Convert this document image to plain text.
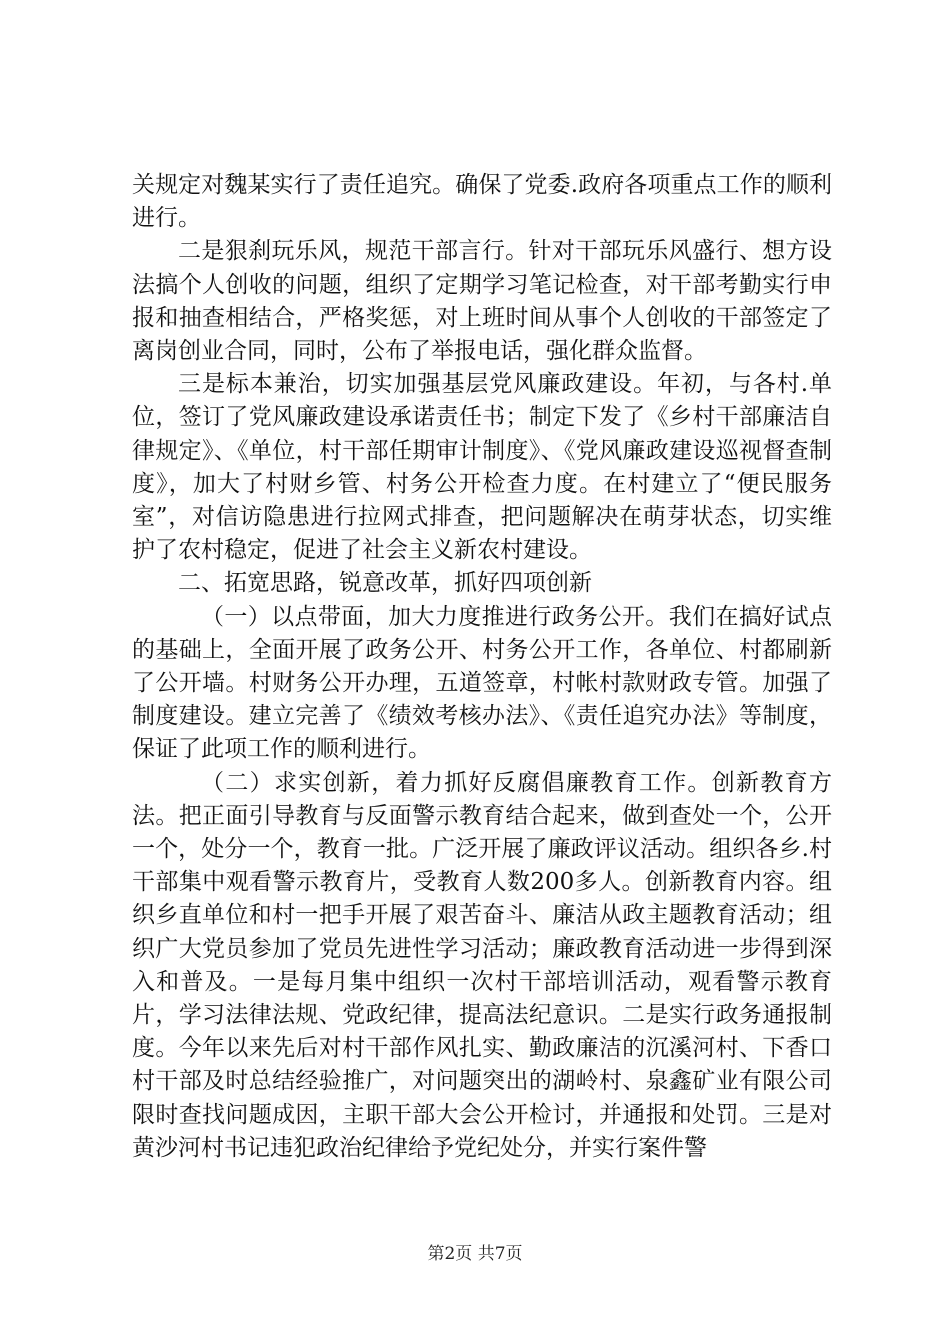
关规定对魏某实行了责任追究。确保了党委.政府各项重点工作的顺利进行。

二是狠刹玩乐风，规范干部言行。针对干部玩乐风盛行、想方设法搞个人创收的问题，组织了定期学习笔记检查，对干部考勤实行申报和抽查相结合，严格奖惩，对上班时间从事个人创收的干部签定了离岗创业合同，同时，公布了举报电话，强化群众监督。

三是标本兼治，切实加强基层党风廉政建设。年初，与各村.单位，签订了党风廉政建设承诺责任书；制定下发了《乡村干部廉洁自律规定》、《单位，村干部任期审计制度》、《党风廉政建设巡视督查制度》，加大了村财乡管、村务公开检查力度。在村建立了“便民服务室”，对信访隐患进行拉网式排查，把问题解决在萌芽状态，切实维护了农村稳定，促进了社会主义新农村建设。

二、拓宽思路，锐意改革，抓好四项创新

（一）以点带面，加大力度推进行政务公开。我们在搞好试点的基础上，全面开展了政务公开、村务公开工作，各单位、村都刷新了公开墙。村财务公开办理，五道签章，村帐村款财政专管。加强了制度建设。建立完善了《绩效考核办法》、《责任追究办法》等制度，保证了此项工作的顺利进行。

（二）求实创新，着力抓好反腐倡廉教育工作。创新教育方法。把正面引导教育与反面警示教育结合起来，做到查处一个，公开一个，处分一个，教育一批。广泛开展了廉政评议活动。组织各乡.村干部集中观看警示教育片，受教育人数200多人。创新教育内容。组织乡直单位和村一把手开展了艰苦奋斗、廉洁从政主题教育活动；组织广大党员参加了党员先进性学习活动；廉政教育活动进一步得到深入和普及。一是每月集中组织一次村干部培训活动，观看警示教育片，学习法律法规、党政纪律，提高法纪意识。二是实行政务通报制度。今年以来先后对村干部作风扎实、勤政廉洁的沉溪河村、下香口村干部及时总结经验推广，对问题突出的湖岭村、泉鑫矿业有限公司限时查找问题成因，主职干部大会公开检讨，并通报和处罚。三是对黄沙河村书记违犯政治纪律给予党纪处分，并实行案件警

第2页 共7页
